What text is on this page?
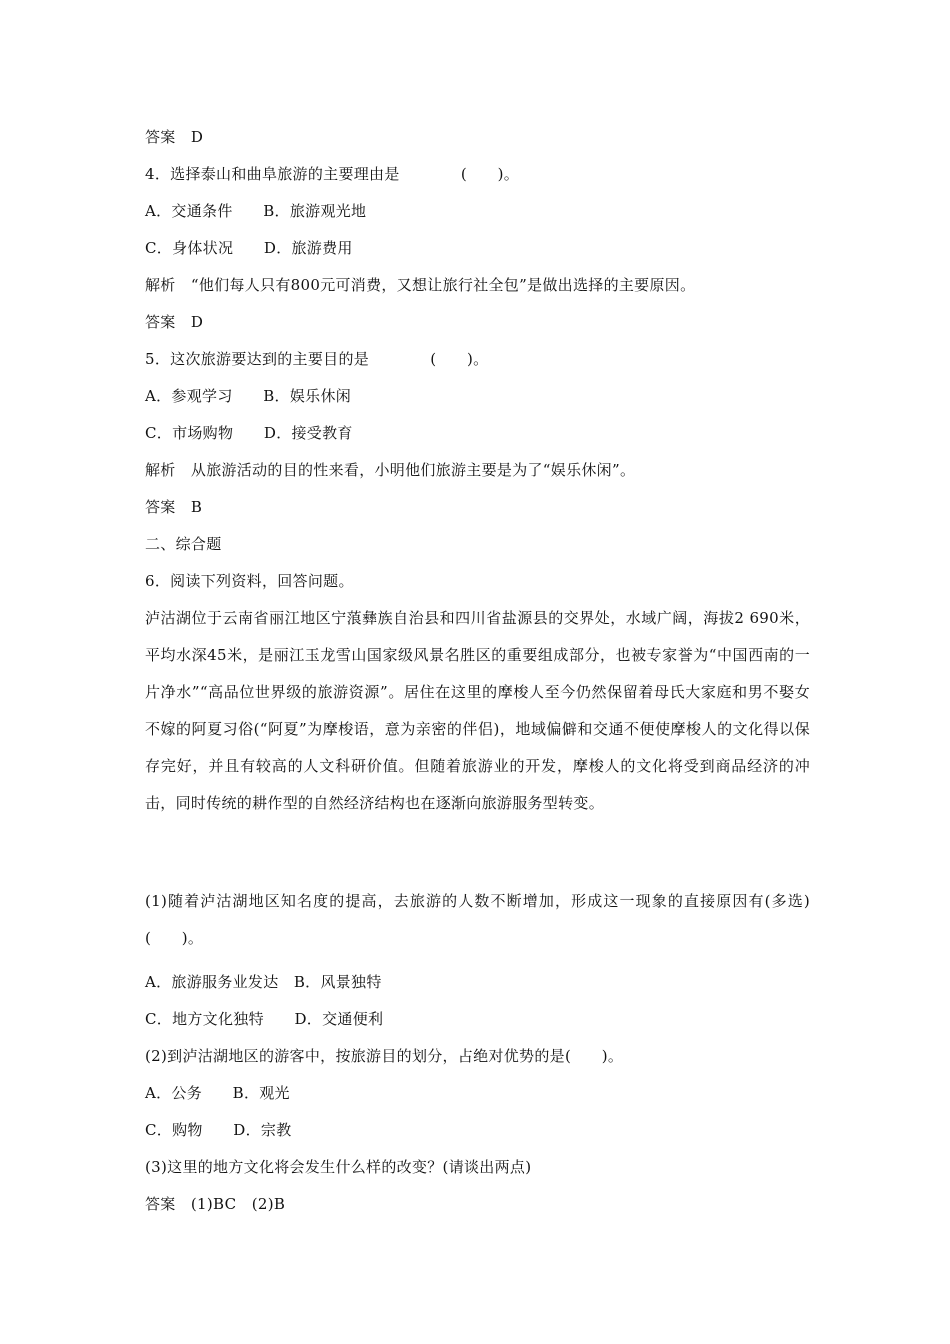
答案　D
4．选择泰山和曲阜旅游的主要理由是　　　　(　　)。
A．交通条件　　B．旅游观光地
C．身体状况　　D．旅游费用
解析　“他们每人只有800元可消费，又想让旅行社全包”是做出选择的主要原因。
答案　D
5．这次旅游要达到的主要目的是　　　　(　　)。
A．参观学习　　B．娱乐休闲
C．市场购物　　D．接受教育
解析　从旅游活动的目的性来看，小明他们旅游主要是为了“娱乐休闲”。
答案　B
二、综合题
6．阅读下列资料，回答问题。
泸沽湖位于云南省丽江地区宁蒗彝族自治县和四川省盐源县的交界处，水域广阔，海拔2 690米，平均水深45米，是丽江玉龙雪山国家级风景名胜区的重要组成部分，也被专家誉为“中国西南的一片净水”“高品位世界级的旅游资源”。居住在这里的摩梭人至今仍然保留着母氏大家庭和男不娶女不嫁的阿夏习俗(“阿夏”为摩梭语，意为亲密的伴侣)，地域偏僻和交通不便使摩梭人的文化得以保存完好，并且有较高的人文科研价值。但随着旅游业的开发，摩梭人的文化将受到商品经济的冲击，同时传统的耕作型的自然经济结构也在逐渐向旅游服务型转变。
(1)随着泸沽湖地区知名度的提高，去旅游的人数不断增加，形成这一现象的直接原因有(多选)　　(　　)。
A．旅游服务业发达　B．风景独特
C．地方文化独特　　D．交通便利
(2)到泸沽湖地区的游客中，按旅游目的划分，占绝对优势的是(　　)。
A．公务　　B．观光
C．购物　　D．宗教
(3)这里的地方文化将会发生什么样的改变？(请谈出两点)
答案　(1)BC　(2)B
